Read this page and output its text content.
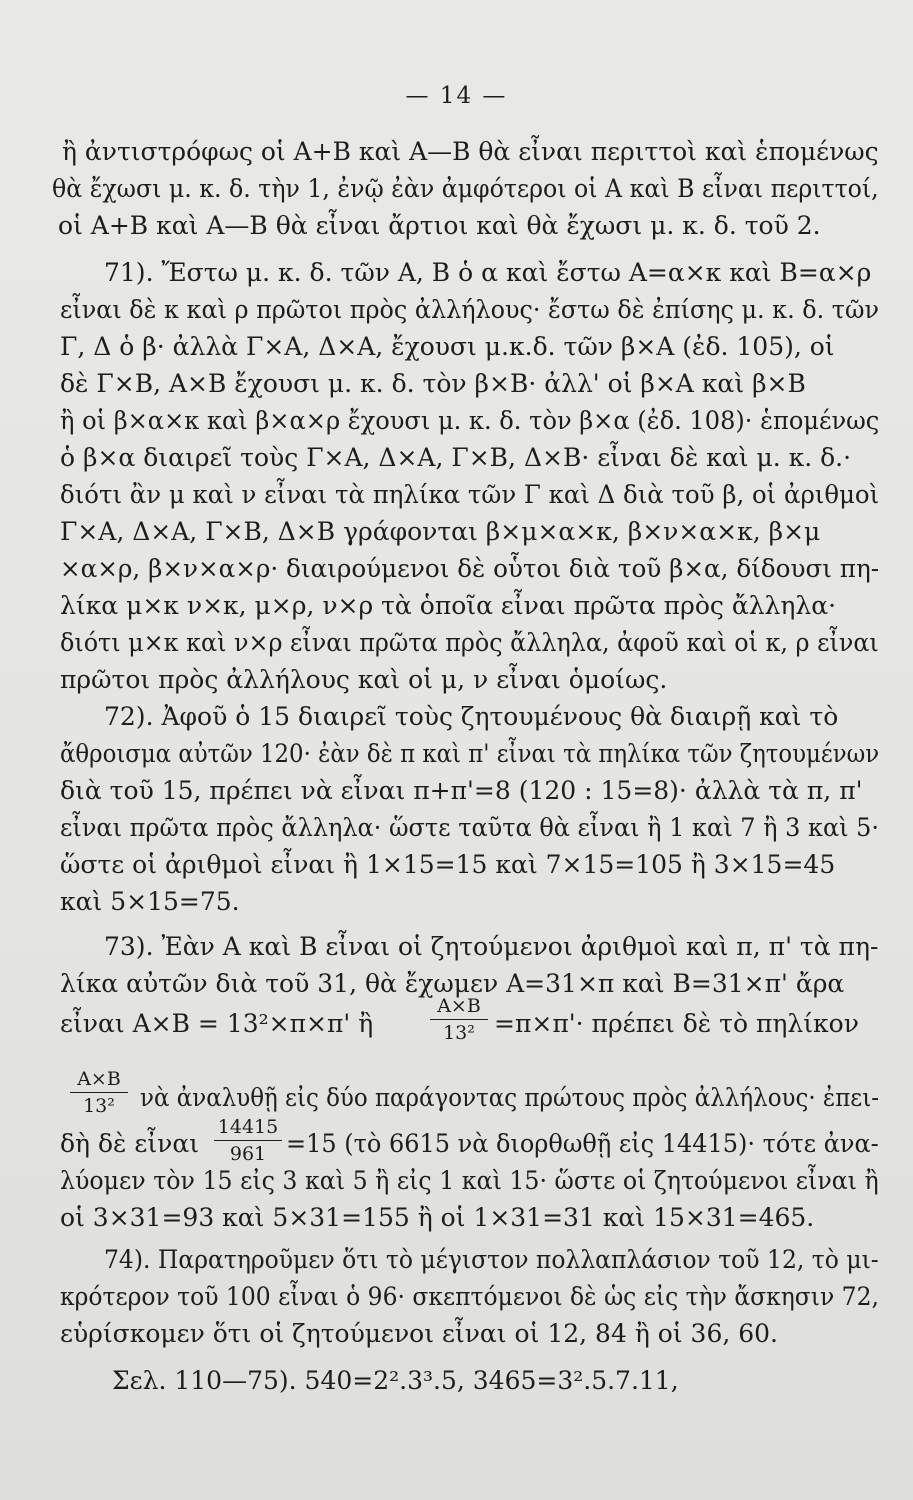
— 14 —
ἢ ἀντιστρόφως οἱ Α+Β καὶ Α—Β θὰ εἶναι περιττοὶ καὶ ἑπομένως
θὰ ἔχωσι μ. κ. δ. τὴν 1, ἐνῷ ἐὰν ἀμφότεροι οἱ Α καὶ Β εἶναι περιττοί,
οἱ Α+Β καὶ Α—Β θὰ εἶναι ἄρτιοι καὶ θὰ ἔχωσι μ. κ. δ. τοῦ 2.
71). Ἔστω μ. κ. δ. τῶν Α, Β ὁ α καὶ ἔστω Α=α×κ καὶ Β=α×ρ
εἶναι δὲ κ καὶ ρ πρῶτοι πρὸς ἀλλήλους· ἔστω δὲ ἐπίσης μ. κ. δ. τῶν
Γ, Δ ὁ β· ἀλλὰ Γ×Α, Δ×Α, ἔχουσι μ.κ.δ. τῶν β×Α (ἐδ. 105), οἱ
δὲ Γ×Β, Α×Β ἔχουσι μ. κ. δ. τὸν β×Β· ἀλλ' οἱ β×Α καὶ β×Β
ἢ οἱ β×α×κ καὶ β×α×ρ ἔχουσι μ. κ. δ. τὸν β×α (ἐδ. 108)· ἑπομένως
ὁ β×α διαιρεῖ τοὺς Γ×Α, Δ×Α, Γ×Β, Δ×Β· εἶναι δὲ καὶ μ. κ. δ.·
διότι ἂν μ καὶ ν εἶναι τὰ πηλίκα τῶν Γ καὶ Δ διὰ τοῦ β, οἱ ἀριθμοὶ
Γ×Α, Δ×Α, Γ×Β, Δ×Β γράφονται β×μ×α×κ, β×ν×α×κ, β×μ
×α×ρ, β×ν×α×ρ· διαιρούμενοι δὲ οὗτοι διὰ τοῦ β×α, δίδουσι πη-
λίκα μ×κ ν×κ, μ×ρ, ν×ρ τὰ ὁποῖα εἶναι πρῶτα πρὸς ἄλληλα·
διότι μ×κ καὶ ν×ρ εἶναι πρῶτα πρὸς ἄλληλα, ἀφοῦ καὶ οἱ κ, ρ εἶναι
πρῶτοι πρὸς ἀλλήλους καὶ οἱ μ, ν εἶναι ὁμοίως.
72). Ἀφοῦ ὁ 15 διαιρεῖ τοὺς ζητουμένους θὰ διαιρῇ καὶ τὸ
ἄθροισμα αὐτῶν 120· ἐὰν δὲ π καὶ π' εἶναι τὰ πηλίκα τῶν ζητουμένων
διὰ τοῦ 15, πρέπει νὰ εἶναι π+π'=8 (120 : 15=8)· ἀλλὰ τὰ π, π'
εἶναι πρῶτα πρὸς ἄλληλα· ὥστε ταῦτα θὰ εἶναι ἢ 1 καὶ 7 ἢ 3 καὶ 5·
ὥστε οἱ ἀριθμοὶ εἶναι ἢ 1×15=15 καὶ 7×15=105 ἢ 3×15=45
καὶ 5×15=75.
73). Ἐὰν Α καὶ Β εἶναι οἱ ζητούμενοι ἀριθμοὶ καὶ π, π' τὰ πη-
λίκα αὐτῶν διὰ τοῦ 31, θὰ ἔχωμεν Α=31×π καὶ Β=31×π' ἄρα
εἶναι Α×Β = 13²×π×π' ἢ
Α×Β
13² =π×π'· πρέπει δὲ τὸ πηλίκον
Α×Β
13²	νὰ ἀναλυθῇ εἰς δύο παράγοντας πρώτους πρὸς ἀλλήλους· ἐπει-
δὴ δὲ εἶναι
14415
961 =15 (τὸ 6615 νὰ διορθωθῇ εἰς 14415)· τότε ἀνα-
λύομεν τὸν 15 εἰς 3 καὶ 5 ἢ εἰς 1 καὶ 15· ὥστε οἱ ζητούμενοι εἶναι ἢ
οἱ 3×31=93 καὶ 5×31=155 ἢ οἱ 1×31=31 καὶ 15×31=465.
74). Παρατηροῦμεν ὅτι τὸ μέγιστον πολλαπλάσιον τοῦ 12, τὸ μι-
κρότερον τοῦ 100 εἶναι ὁ 96· σκεπτόμενοι δὲ ὡς εἰς τὴν ἄσκησιν 72,
εὑρίσκομεν ὅτι οἱ ζητούμενοι εἶναι οἱ 12, 84 ἢ οἱ 36, 60.
Σελ. 110—75). 540=2².3³.5, 3465=3².5.7.11,
